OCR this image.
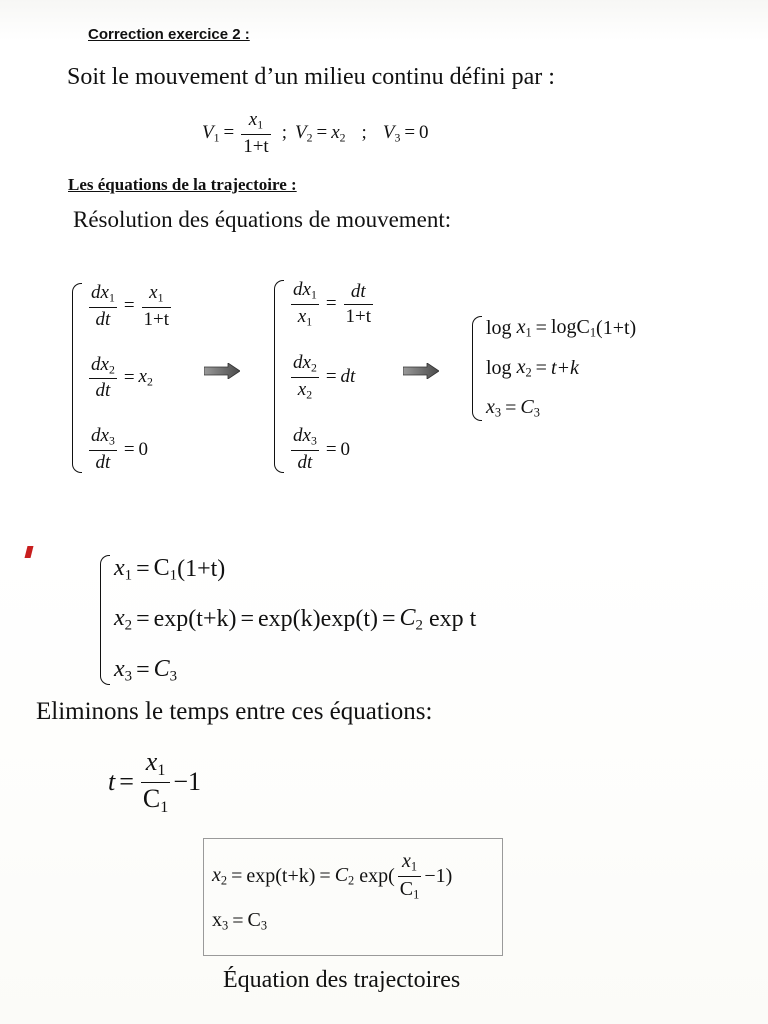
Correction exercice 2 :
Soit le mouvement d’un milieu continu défini par :
$V_1 = \frac{x_1}{1+t}$ ; $V_2 = x_2$ ; $V_3 = 0$
Les équations de la trajectoire :
Résolution des équations de mouvement:
$\frac{dx_1}{dt} = \frac{x_1}{1+t}$
$\frac{dx_2}{dt} = x_2$
$\frac{dx_3}{dt} = 0$
$\frac{dx_1}{x_1} = \frac{dt}{1+t}$
$\frac{dx_2}{x_2}$ = dt
$\frac{dx_3}{dt} = 0$
log
$x_1 = \log C_1$ (1+t)
log
$x_2 = t+k$
$x_3 = C_3$
$x_1 = C_1$ (1+t)
$x_2 = \exp(t+k) = \exp(k)\exp(t) = C_2$
exp t
$x_3 = C_3$
Eliminons le temps entre ces équations:
$t = \frac{x_1}{C_1} -1$
$x_2 = \exp(t+k) = C_2$
$\exp( \frac{x_1}{C_1} -1)$
$x_3 = C_3$
Équation des trajectoires
